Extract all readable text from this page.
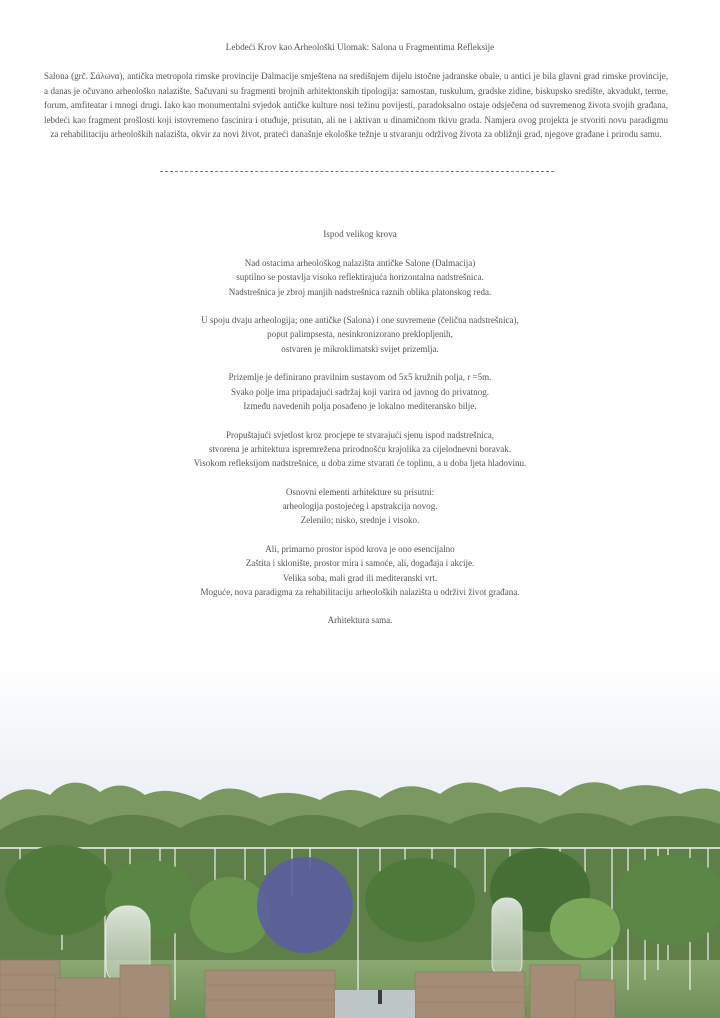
Lebdeći Krov kao Arheološki Ulomak: Salona u Fragmentima Refleksije
Salona (grč. Σάλωνα), antička metropola rimske provincije Dalmacije smještena na središnjem dijelu istočne jadranske obale, u antici je bila glavni grad rimske provincije, a danas je očuvano arheološko nalazište. Sačuvani su fragmenti brojnih arhitektonskih tipologija: samostan, tuskulum, gradske zidine, biskupsko središte, akvadukt, terme, forum, amfiteatar i mnogi drugi. Iako kao monumentalni svjedok antičke kulture nosi težinu povijesti, paradoksalno ostaje odsječena od suvremenog života svojih građana, lebdeći kao fragment prošlosti koji istovremeno fascinira i otuđuje, prisutan, ali ne i aktivan u dinamičnom tkivu grada. Namjera ovog projekta je stvoriti novu paradigmu za rehabilitaciju arheoloških nalazišta, okvir za novi život, prateći današnje ekološke težnje u stvaranju održivog života za obližnji grad, njegove građane i prirodu samu.
Ispod velikog krova
Nad ostacima arheološkog nalazišta antičke Salone (Dalmacija)
suptilno se postavlja visoko reflektirajuća horizontalna nadstrešnica.
Nadstrešnica je zbroj manjih nadstrešnica raznih oblika platonskog reda.
U spoju dvaju arheologija; one antičke (Salona) i one suvremene (čelična nadstrešnica),
poput palimpsesta, nesinkronizorano preklopljenih,
ostvaren je mikroklimatski svijet prizemlja.
Prizemlje je definirano pravilnim sustavom od 5x5 kružnih polja, r =5m.
Svako polje ima pripadajući sadržaj koji varira od javnog do privatnog.
Između navedenih polja posađeno je lokalno mediteransko bilje.
Propuštajući svjetlost kroz procjepe te stvarajući sjenu ispod nadstrešnica,
stvorena je arhitektura ispremrežena prirodnošću krajolika za cijelodnevni boravak.
Visokom refleksijom nadstrešnice, u doba zime stvarati će toplinu, a u doba ljeta hladovinu.
Osnovni elementi arhitekture su prisutni:
arheologija postojećeg i apstrakcija novog.
Zelenilo; nisko, srednje i visoko.
Ali, primarno prostor ispod krova je ono esencijalno
Zaštita i sklonište, prostor mira i samoće, ali, događaja i akcije.
Velika soba, mali grad ili mediteranski vrt.
Moguće, nova paradigma za rehabilitaciju arheoloških nalazišta u održivi život građana.
Arhitektura sama.
